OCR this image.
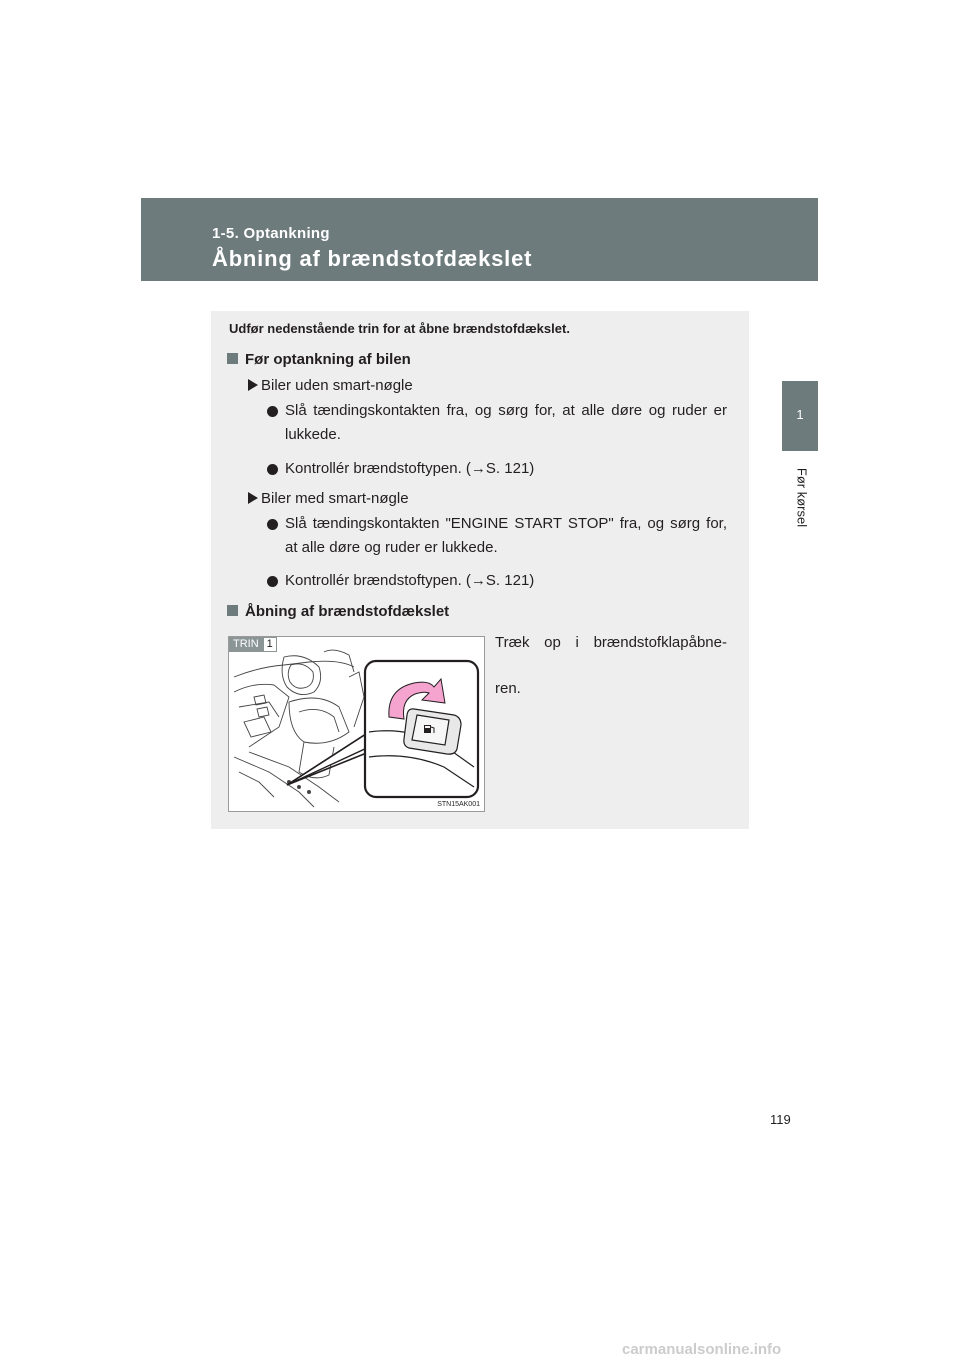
1-5. Optankning
Åbning af brændstofdækslet
1
Før kørsel
Udfør nedenstående trin for at åbne brændstofdækslet.
Før optankning af bilen
Biler uden smart-nøgle
Slå tændingskontakten fra, og sørg for, at alle døre og ruder er lukkede.
Kontrollér brændstoftypen. (→S. 121)
Biler med smart-nøgle
Slå tændingskontakten "ENGINE START STOP" fra, og sørg for, at alle døre og ruder er lukkede.
Kontrollér brændstoftypen. (→S. 121)
Åbning af brændstofdækslet
TRIN 1
STN15AK001
Træk op i brændstofklapåbne-
ren.
119
carmanualsonline.info
